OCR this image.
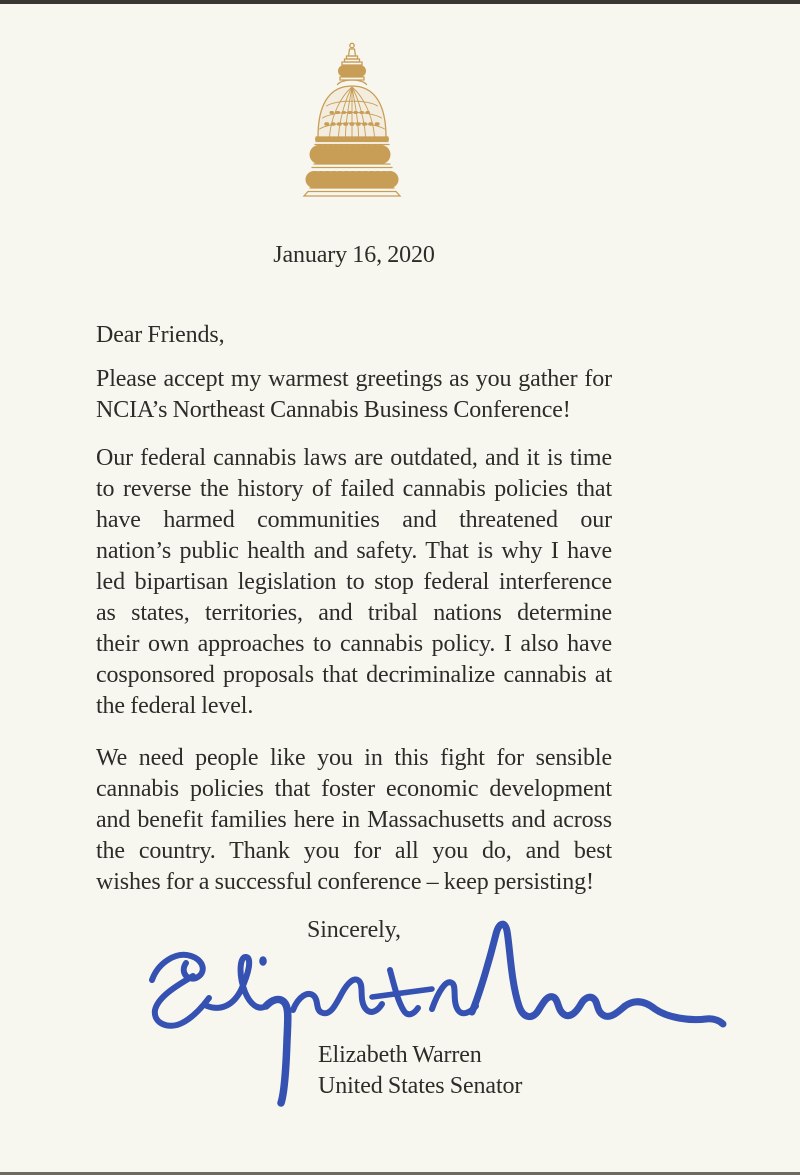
January 16, 2020
Dear Friends,
Please accept my warmest greetings as you gather for
NCIA’s Northeast Cannabis Business Conference!
Our federal cannabis laws are outdated, and it is time
to reverse the history of failed cannabis policies that
have harmed communities and threatened our
nation’s public health and safety. That is why I have
led bipartisan legislation to stop federal interference
as states, territories, and tribal nations determine
their own approaches to cannabis policy. I also have
cosponsored proposals that decriminalize cannabis at
the federal level.
We need people like you in this fight for sensible
cannabis policies that foster economic development
and benefit families here in Massachusetts and across
the country. Thank you for all you do, and best
wishes for a successful conference – keep persisting!
Sincerely,
Elizabeth Warren
United States Senator
